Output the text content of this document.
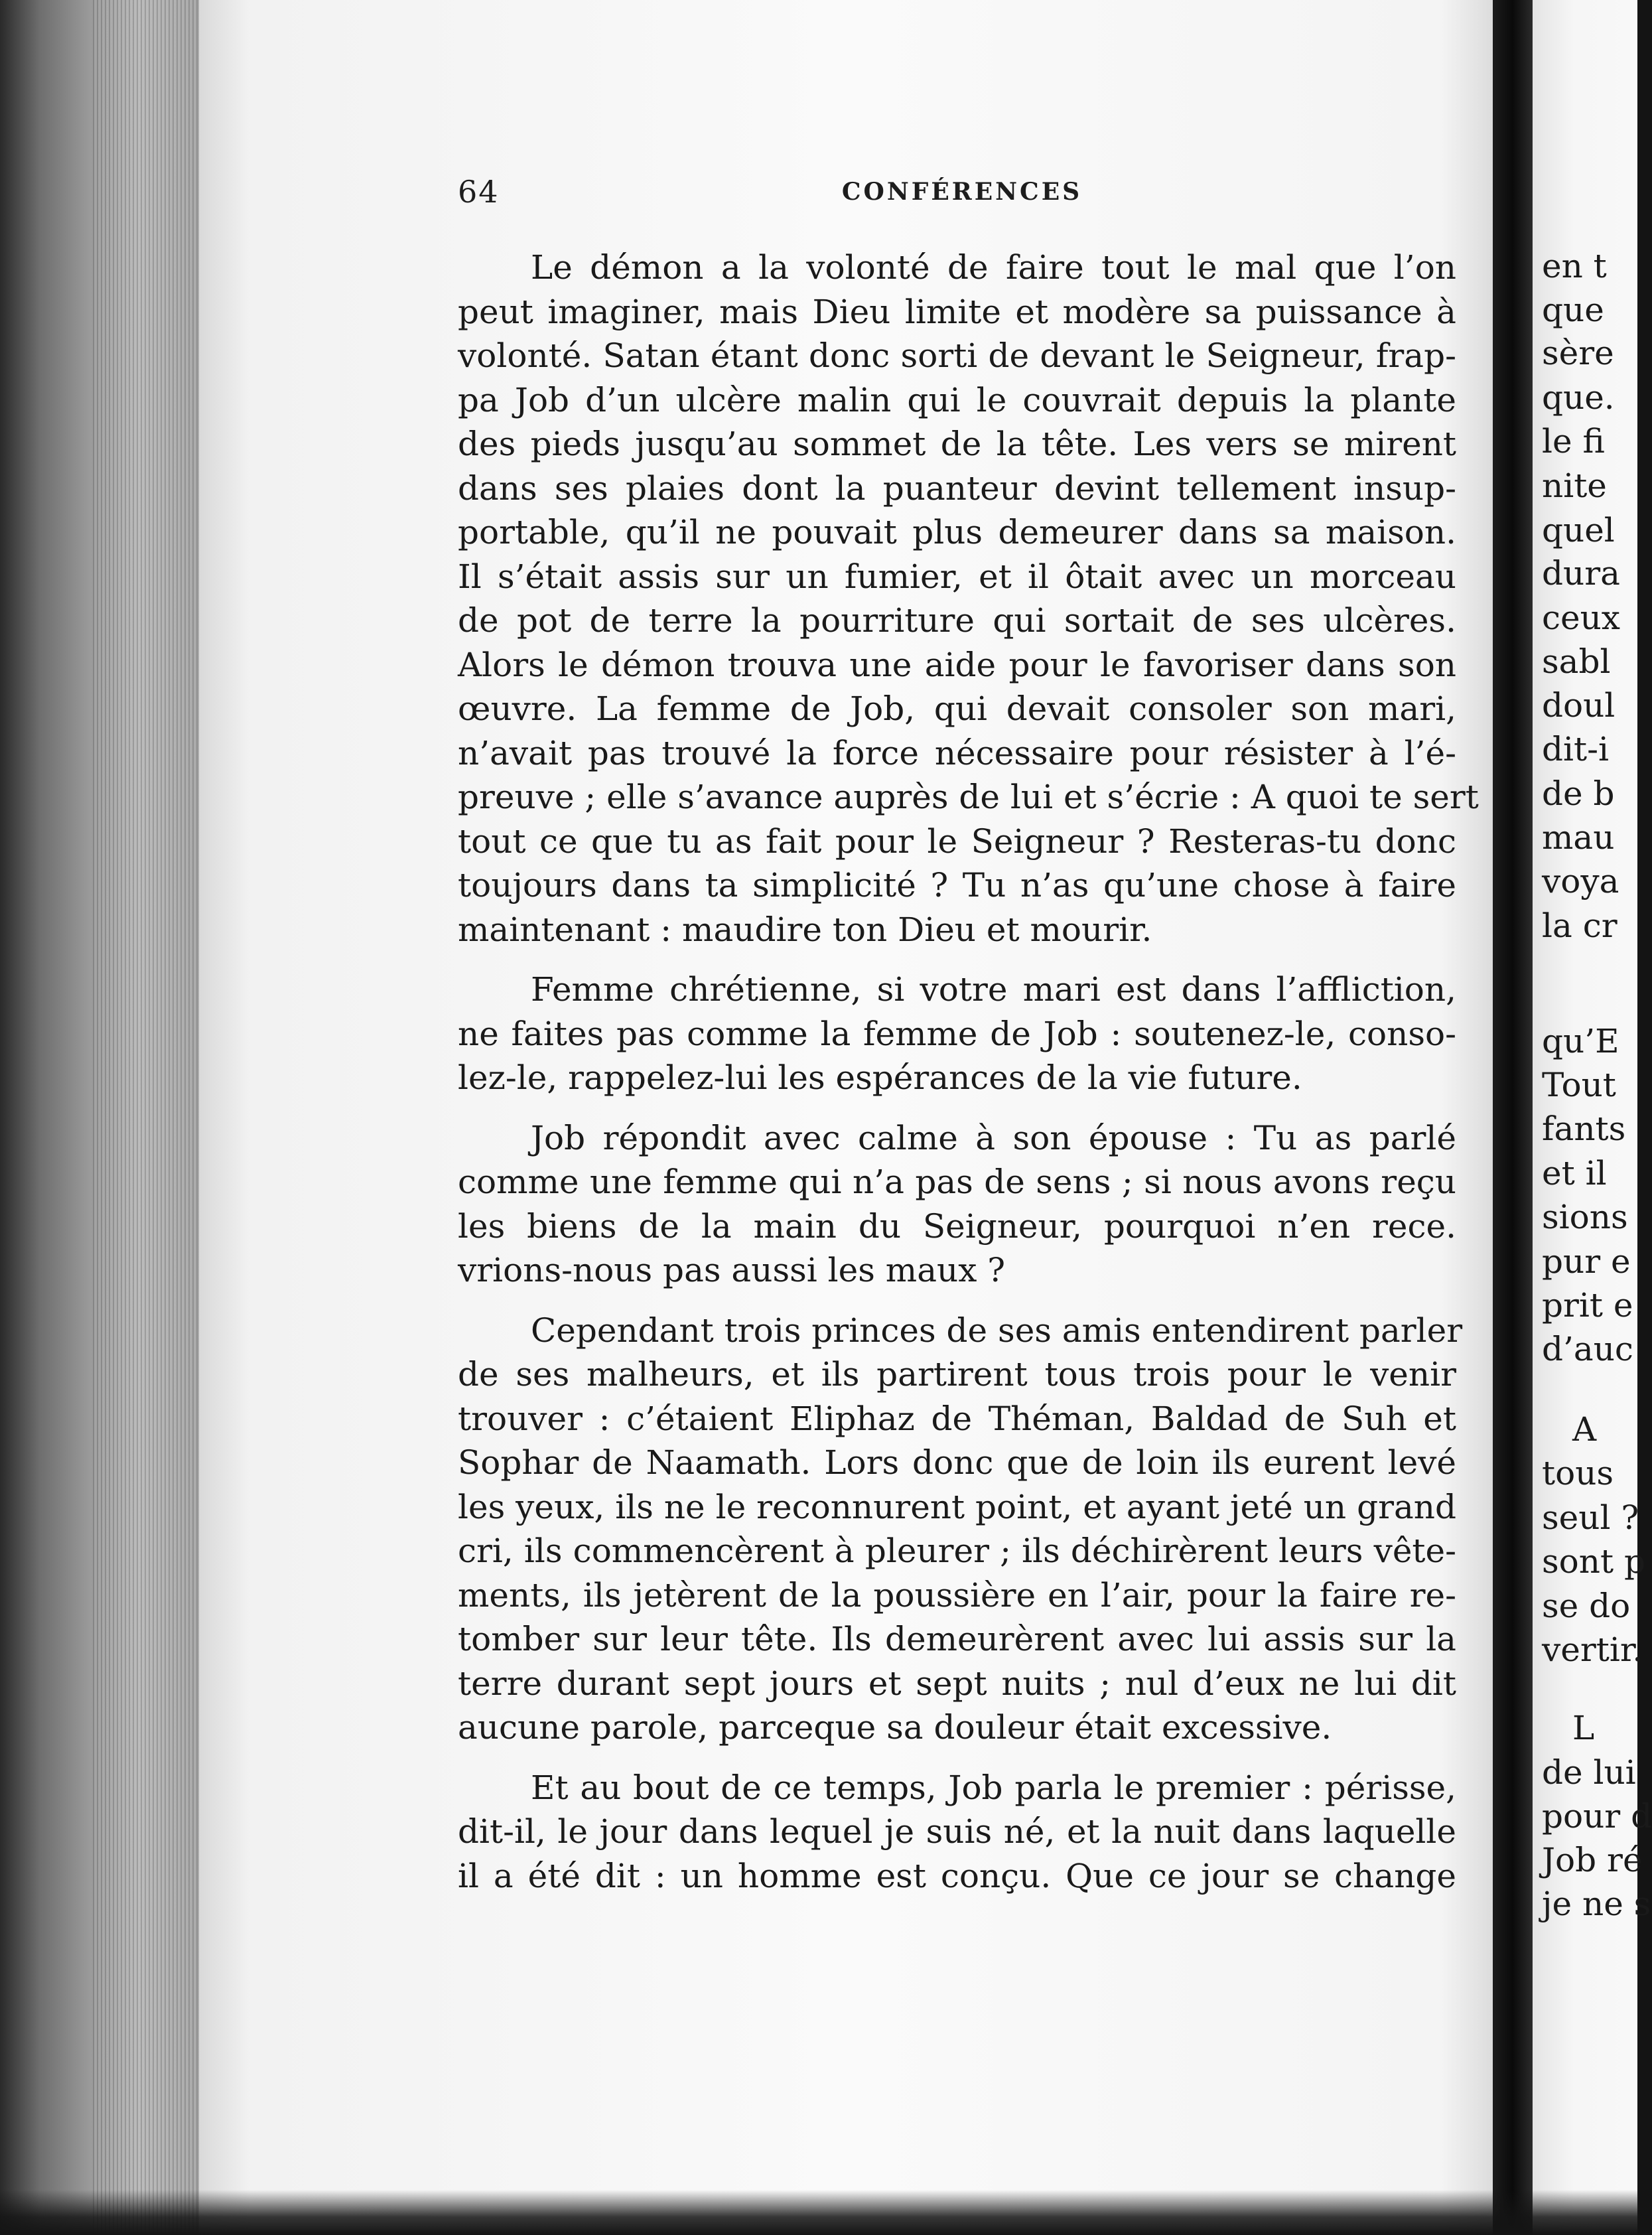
en t
que
sère
que.
le fi
nite
quel
dura
ceux
sabl
doul
dit-i
de b
mau
voya
la cr
qu’E
Tout
fants
et il
sions
pur e
prit e
d’auc
A
tous
seul ?
sont p
se do
vertir.
L
de lui
pour d
Job ré
je ne s
64	CONFÉRENCES
Le démon a la volonté de faire tout le mal que l’on
peut imaginer, mais Dieu limite et modère sa puissance à
volonté. Satan étant donc sorti de devant le Seigneur, frap-
pa Job d’un ulcère malin qui le couvrait depuis la plante
des pieds jusqu’au sommet de la tête. Les vers se mirent
dans ses plaies dont la puanteur devint tellement insup-
portable, qu’il ne pouvait plus demeurer dans sa maison.
Il s’était assis sur un fumier, et il ôtait avec un morceau
de pot de terre la pourriture qui sortait de ses ulcères.
Alors le démon trouva une aide pour le favoriser dans son
œuvre. La femme de Job, qui devait consoler son mari,
n’avait pas trouvé la force nécessaire pour résister à l’é-
preuve ; elle s’avance auprès de lui et s’écrie : A quoi te sert
tout ce que tu as fait pour le Seigneur ? Resteras-tu donc
toujours dans ta simplicité ? Tu n’as qu’une chose à faire
maintenant : maudire ton Dieu et mourir.
Femme chrétienne, si votre mari est dans l’affliction,
ne faites pas comme la femme de Job : soutenez-le, conso-
lez-le, rappelez-lui les espérances de la vie future.
Job répondit avec calme à son épouse : Tu as parlé
comme une femme qui n’a pas de sens ; si nous avons reçu
les biens de la main du Seigneur, pourquoi n’en rece.
vrions-nous pas aussi les maux ?
Cependant trois princes de ses amis entendirent parler
de ses malheurs, et ils partirent tous trois pour le venir
trouver : c’étaient Eliphaz de Théman, Baldad de Suh et
Sophar de Naamath. Lors donc que de loin ils eurent levé
les yeux, ils ne le reconnurent point, et ayant jeté un grand
cri, ils commencèrent à pleurer ; ils déchirèrent leurs vête-
ments, ils jetèrent de la poussière en l’air, pour la faire re-
tomber sur leur tête. Ils demeurèrent avec lui assis sur la
terre durant sept jours et sept nuits ; nul d’eux ne lui dit
aucune parole, parceque sa douleur était excessive.
Et au bout de ce temps, Job parla le premier : périsse,
dit-il, le jour dans lequel je suis né, et la nuit dans laquelle
il a été dit : un homme est conçu. Que ce jour se change
